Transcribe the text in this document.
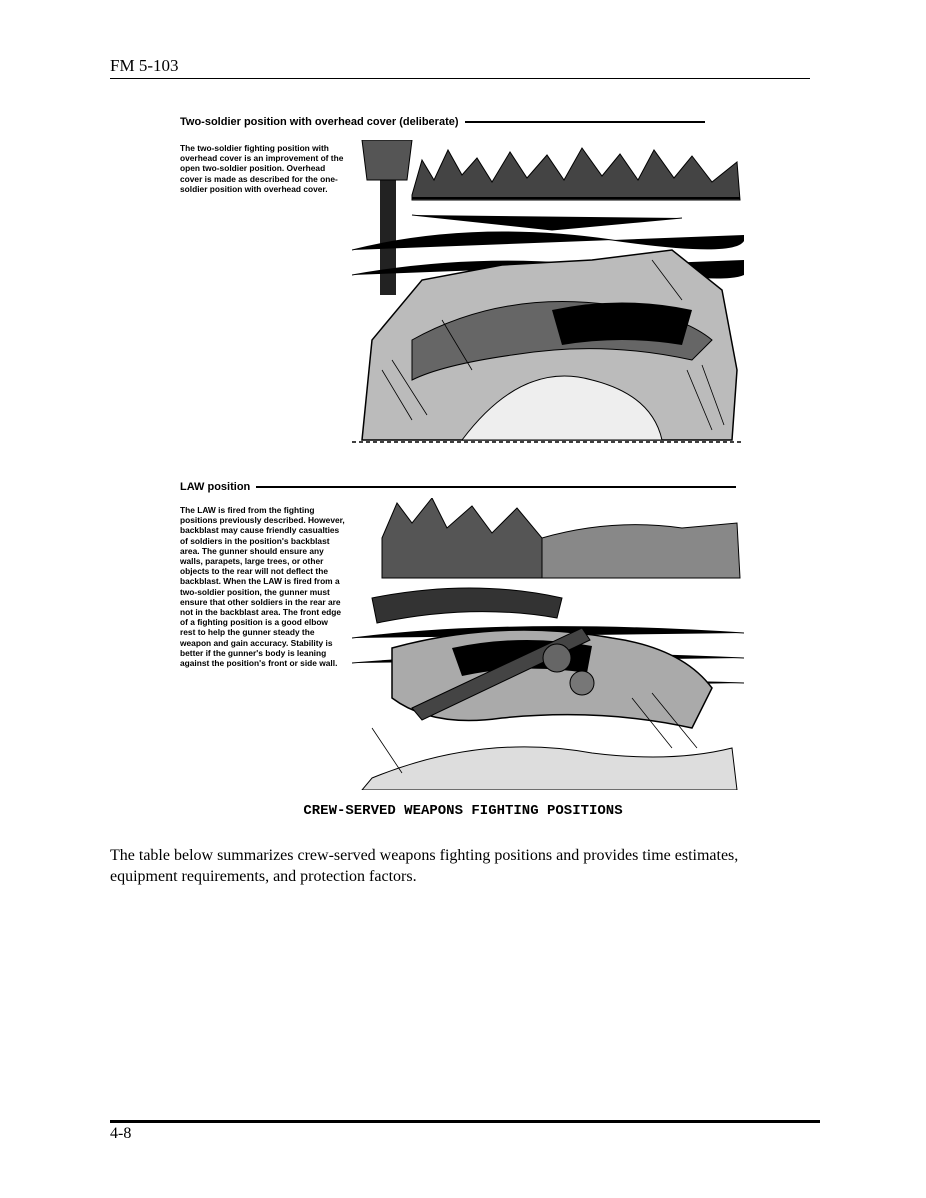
FM 5-103
Two-soldier position with overhead cover (deliberate)
The two-soldier fighting position with overhead cover is an improvement of the open two-soldier position. Overhead cover is made as described for the one-soldier position with overhead cover.
LAW position
The LAW is fired from the fighting positions previously described. However, backblast may cause friendly casualties of soldiers in the position's backblast area. The gunner should ensure any walls, parapets, large trees, or other objects to the rear will not deflect the backblast. When the LAW is fired from a two-soldier position, the gunner must ensure that other soldiers in the rear are not in the backblast area. The front edge of a fighting position is a good elbow rest to help the gunner steady the weapon and gain accuracy. Stability is better if the gunner's body is leaning against the position's front or side wall.
CREW-SERVED WEAPONS FIGHTING POSITIONS
The table below summarizes crew-served weapons fighting positions and provides time estimates, equipment requirements, and protection factors.
4-8
